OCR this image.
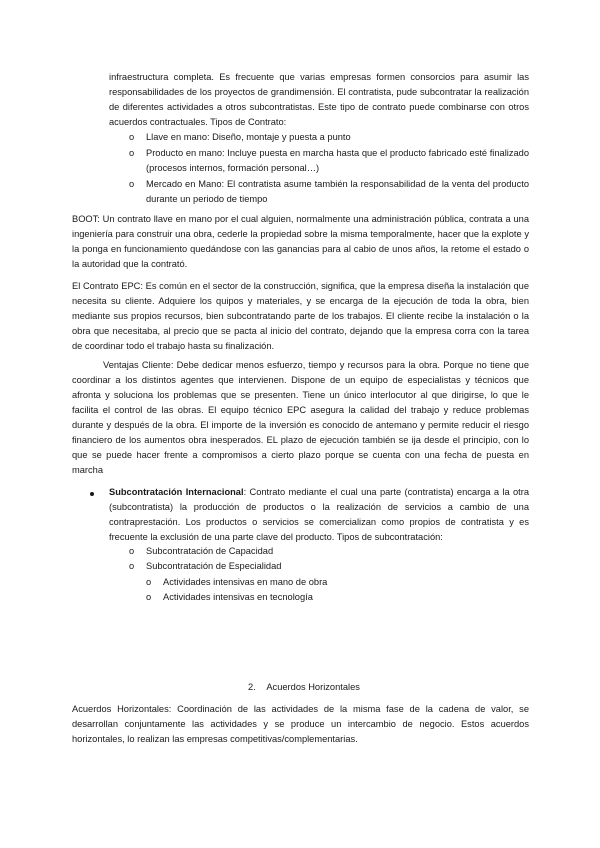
infraestructura completa. Es frecuente que varias empresas formen consorcios para asumir las responsabilidades de los proyectos de grandimensión. El contratista, pude subcontratar la realización de diferentes actividades a otros subcontratistas. Este tipo de contrato puede combinarse con otros acuerdos contractuales. Tipos de Contrato:

o Llave en mano: Diseño, montaje y puesta a punto

o Producto en mano: Incluye puesta en marcha hasta que el producto fabricado esté finalizado (procesos internos, formación personal…)

o Mercado en Mano: El contratista asume también la responsabilidad de la venta del producto durante un periodo de tiempo

BOOT: Un contrato llave en mano por el cual alguien, normalmente una administración pública, contrata a una ingeniería para construir una obra, cederle la propiedad sobre la misma temporalmente, hacer que la explote y la ponga en funcionamiento quedándose con las ganancias para al cabio de unos años, la retome el estado o la autoridad que la contrató.

El Contrato EPC: Es común en el sector de la construcción, significa, que la empresa diseña la instalación que necesita su cliente. Adquiere los quipos y materiales, y se encarga de la ejecución de toda la obra, bien mediante sus propios recursos, bien subcontratando parte de los trabajos. El cliente recibe la instalación o la obra que necesitaba, al precio que se pacta al inicio del contrato, dejando que la empresa corra con la tarea de coordinar todo el trabajo hasta su finalización.

Ventajas Cliente: Debe dedicar menos esfuerzo, tiempo y recursos para la obra. Porque no tiene que coordinar a los distintos agentes que intervienen. Dispone de un equipo de especialistas y técnicos que afronta y soluciona los problemas que se presenten. Tiene un único interlocutor al que dirigirse, lo que le facilita el control de las obras. El equipo técnico EPC asegura la calidad del trabajo y reduce problemas durante y después de la obra. El importe de la inversión es conocido de antemano y permite reducir el riesgo financiero de los aumentos obra inesperados. EL plazo de ejecución también se ija desde el principio, con lo que se puede hacer frente a compromisos a cierto plazo porque se cuenta con una fecha de puesta en marcha

Subcontratación Internacional: Contrato mediante el cual una parte (contratista) encarga a la otra (subcontratista) la producción de productos o la realización de servicios a cambio de una contraprestación. Los productos o servicios se comercializan como propios de contratista y es frecuente la exclusión de una parte clave del producto. Tipos de subcontratación:

o Subcontratación de Capacidad

o Subcontratación de Especialidad

o Actividades intensivas en mano de obra

o Actividades intensivas en tecnología

2. Acuerdos Horizontales

Acuerdos Horizontales: Coordinación de las actividades de la misma fase de la cadena de valor, se desarrollan conjuntamente las actividades y se produce un intercambio de negocio. Estos acuerdos horizontales, lo realizan las empresas competitivas/complementarias.
